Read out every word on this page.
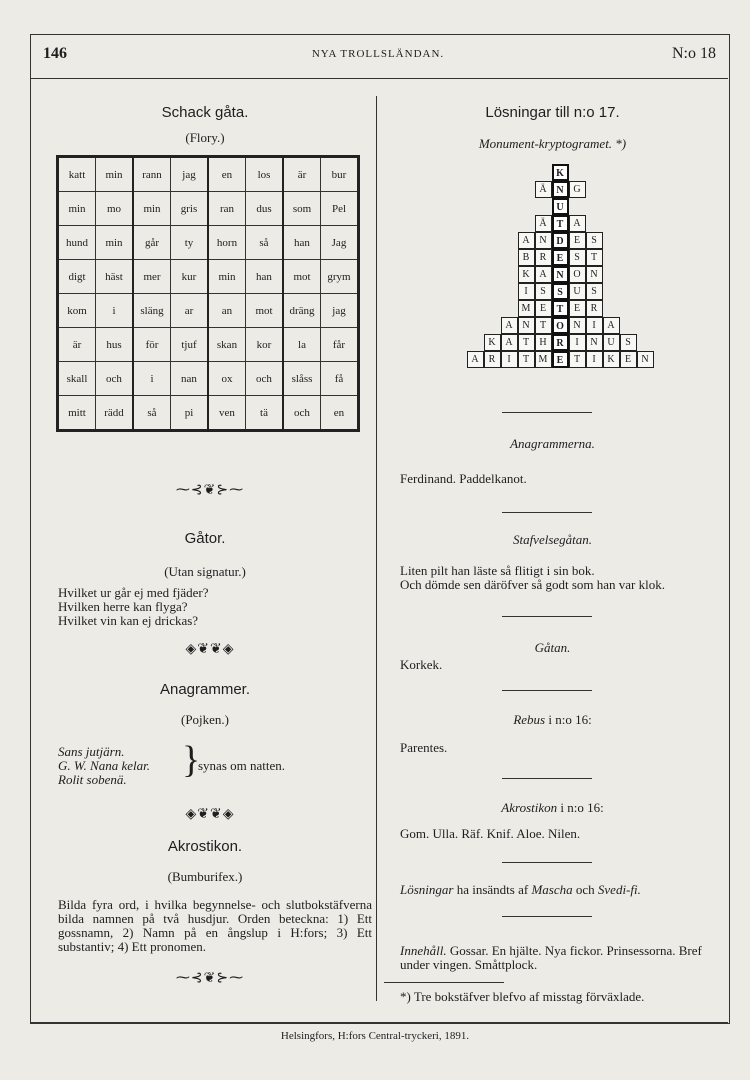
146	NYA TROLLSLÄNDAN.	N:o 18
Schack gåta.
(Flory.)
katt	min	rann	jag	en	los	är	bur
min	mo	min	gris	ran	dus	som	Pel
hund	min	går	ty	horn	så	han	Jag
digt	häst	mer	kur	min	han	mot	grym
kom	i	släng	ar	an	mot	dräng	jag
är	hus	för	tjuf	skan	kor	la	får
skall	och	i	nan	ox	och	slåss	få
mitt	rädd	så	pi	ven	tä	och	en
⁓⊰❦⊱⁓
Gåtor.
(Utan signatur.)
Hvilket ur går ej med fjäder?
Hvilken herre kan flyga?
Hvilket vin kan ej drickas?
◈❦❦◈
Anagrammer.
(Pojken.)
Sans jutjärn.
G. W. Nana kelar.
Rolit sobenä.	}
synas om natten.
◈❦❦◈
Akrostikon.
(Bumburifex.)
Bilda fyra ord, i hvilka begynnelse- och slutbokstäfverna bilda namnen på två husdjur. Orden beteckna: 1) Ett gossnamn, 2) Namn på en ångslup i H:fors; 3) Ett substantiv; 4) Ett pronomen.
⁓⊰❦⊱⁓
Lösningar till n:o 17.
Monument-kryptogramet. *)
K
Ä N G
U
Ä	T	A
A N D	E	S
B	R	E	S	T
K A N O N
I	S	S	U	S
M E	T	E	R
A N	T	O N	I	A
K A	T	H R	I	N U	S
A	R	I	T M E	T	I	K	E	N
Anagrammerna.
Ferdinand. Paddelkanot.
Stafvelsegåtan.
Liten pilt han läste så flitigt i sin bok.
Och dömde sen däröfver så godt som han var klok.
Gåtan.
Korkek.
Rebus i n:o 16:
Parentes.
Akrostikon i n:o 16:
Gom. Ulla. Räf. Knif. Aloe. Nilen.
Lösningar ha insändts af Mascha och Svedi-fi.
Innehåll. Gossar. En hjälte. Nya fickor. Prinsessorna. Bref under vingen. Småttplock.
*) Tre bokstäfver blefvo af misstag förväxlade.
Helsingfors, H:fors Central-tryckeri, 1891.
